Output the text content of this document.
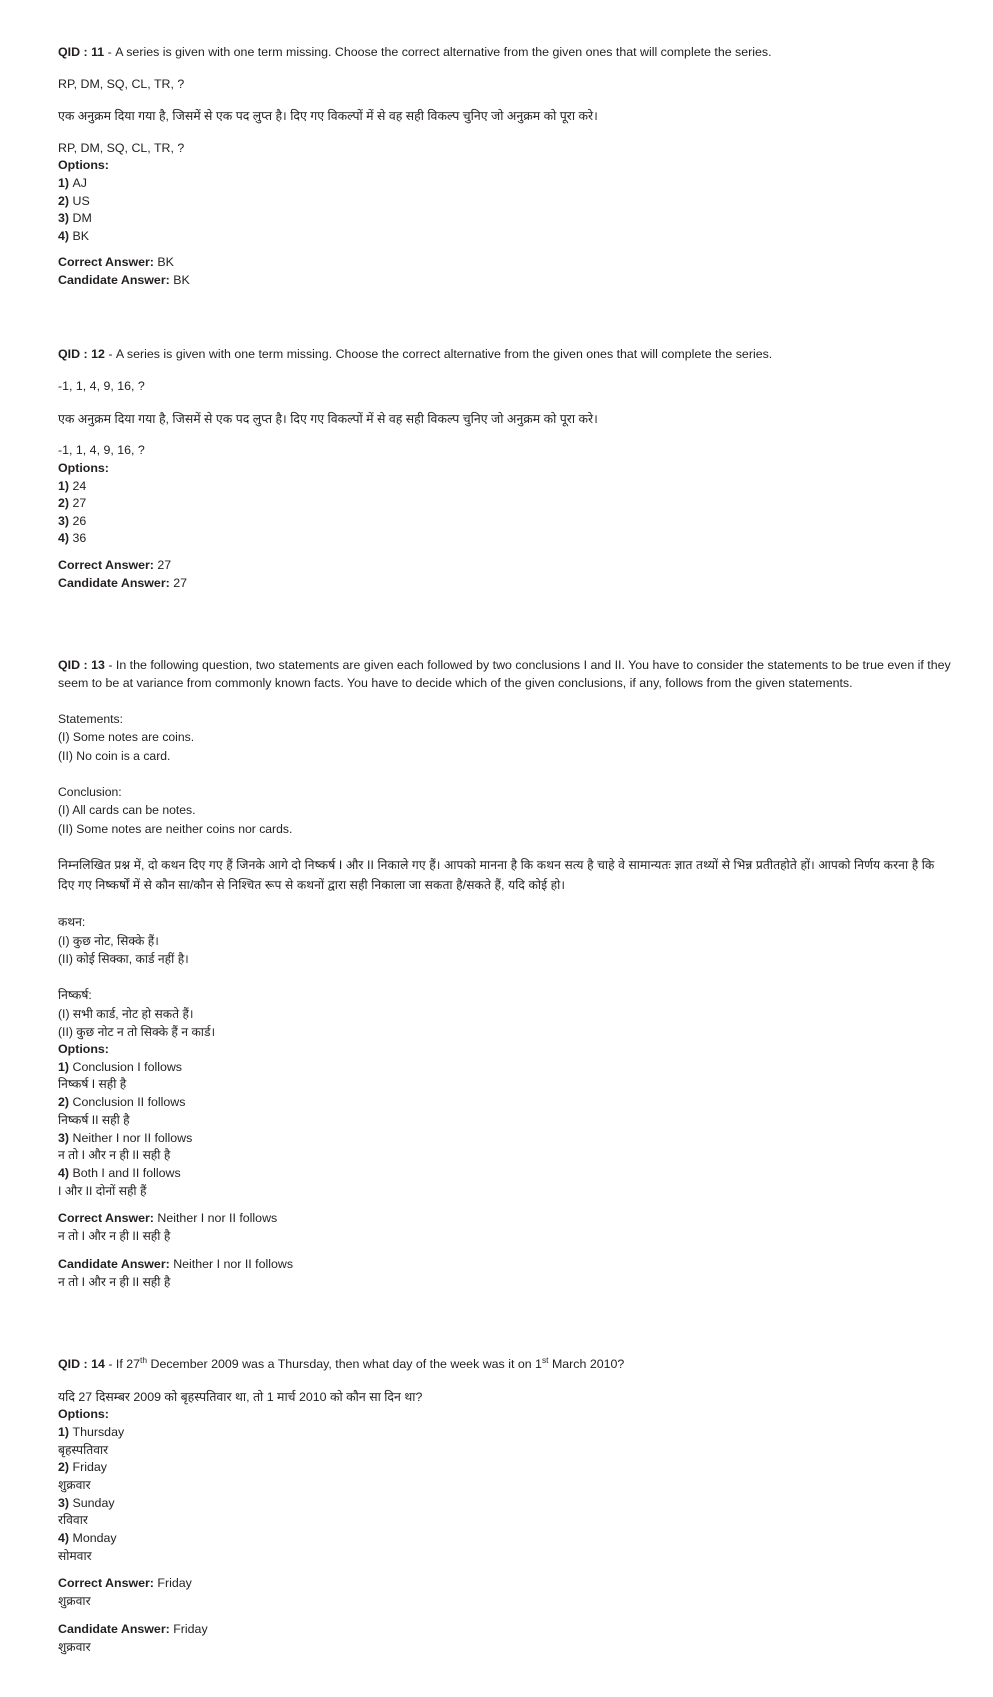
QID : 11 - A series is given with one term missing. Choose the correct alternative from the given ones that will complete the series.

RP, DM, SQ, CL, TR, ?

एक अनुक्रम दिया गया है, जिसमें से एक पद लुप्त है। दिए गए विकल्पों में से वह सही विकल्प चुनिए जो अनुक्रम को पूरा करे।

RP, DM, SQ, CL, TR, ?

Options:

1) AJ

2) US

3) DM

4) BK

Correct Answer: BK

Candidate Answer: BK

QID : 12 - A series is given with one term missing. Choose the correct alternative from the given ones that will complete the series.

-1, 1, 4, 9, 16, ?

एक अनुक्रम दिया गया है, जिसमें से एक पद लुप्त है। दिए गए विकल्पों में से वह सही विकल्प चुनिए जो अनुक्रम को पूरा करे।

-1, 1, 4, 9, 16, ?

Options:

1) 24

2) 27

3) 26

4) 36

Correct Answer: 27

Candidate Answer: 27

QID : 13 - In the following question, two statements are given each followed by two conclusions I and II. You have to consider the statements to be true even if they seem to be at variance from commonly known facts. You have to decide which of the given conclusions, if any, follows from the given statements.

Statements:

(I) Some notes are coins.

(II) No coin is a card.

Conclusion:

(I) All cards can be notes.

(II) Some notes are neither coins nor cards.

निम्नलिखित प्रश्न में, दो कथन दिए गए हैं जिनके आगे दो निष्कर्ष I और II निकाले गए हैं। आपको मानना है कि कथन सत्य है चाहे वे सामान्यतः ज्ञात तथ्यों से भिन्न प्रतीतहोते हों। आपको निर्णय करना है कि दिए गए निष्कर्षों में से कौन सा/कौन से निश्चित रूप से कथनों द्वारा सही निकाला जा सकता है/सकते हैं, यदि कोई हो।

कथन:

(I) कुछ नोट, सिक्के हैं।

(II) कोई सिक्का, कार्ड नहीं है।

निष्कर्ष:

(I) सभी कार्ड, नोट हो सकते हैं।

(II) कुछ नोट न तो सिक्के हैं न कार्ड।

Options:

1) Conclusion I follows

निष्कर्ष I सही है

2) Conclusion II follows

निष्कर्ष II सही है

3) Neither I nor II follows

न तो I और न ही II सही है

4) Both I and II follows

I और II दोनों सही हैं

Correct Answer: Neither I nor II follows

न तो I और न ही II सही है

Candidate Answer: Neither I nor II follows

न तो I और न ही II सही है

QID : 14 - If 27th December 2009 was a Thursday, then what day of the week was it on 1st March 2010?

यदि 27 दिसम्बर 2009 को बृहस्पतिवार था, तो 1 मार्च 2010 को कौन सा दिन था?

Options:

1) Thursday

बृहस्पतिवार

2) Friday

शुक्रवार

3) Sunday

रविवार

4) Monday

सोमवार

Correct Answer: Friday

शुक्रवार

Candidate Answer: Friday

शुक्रवार
